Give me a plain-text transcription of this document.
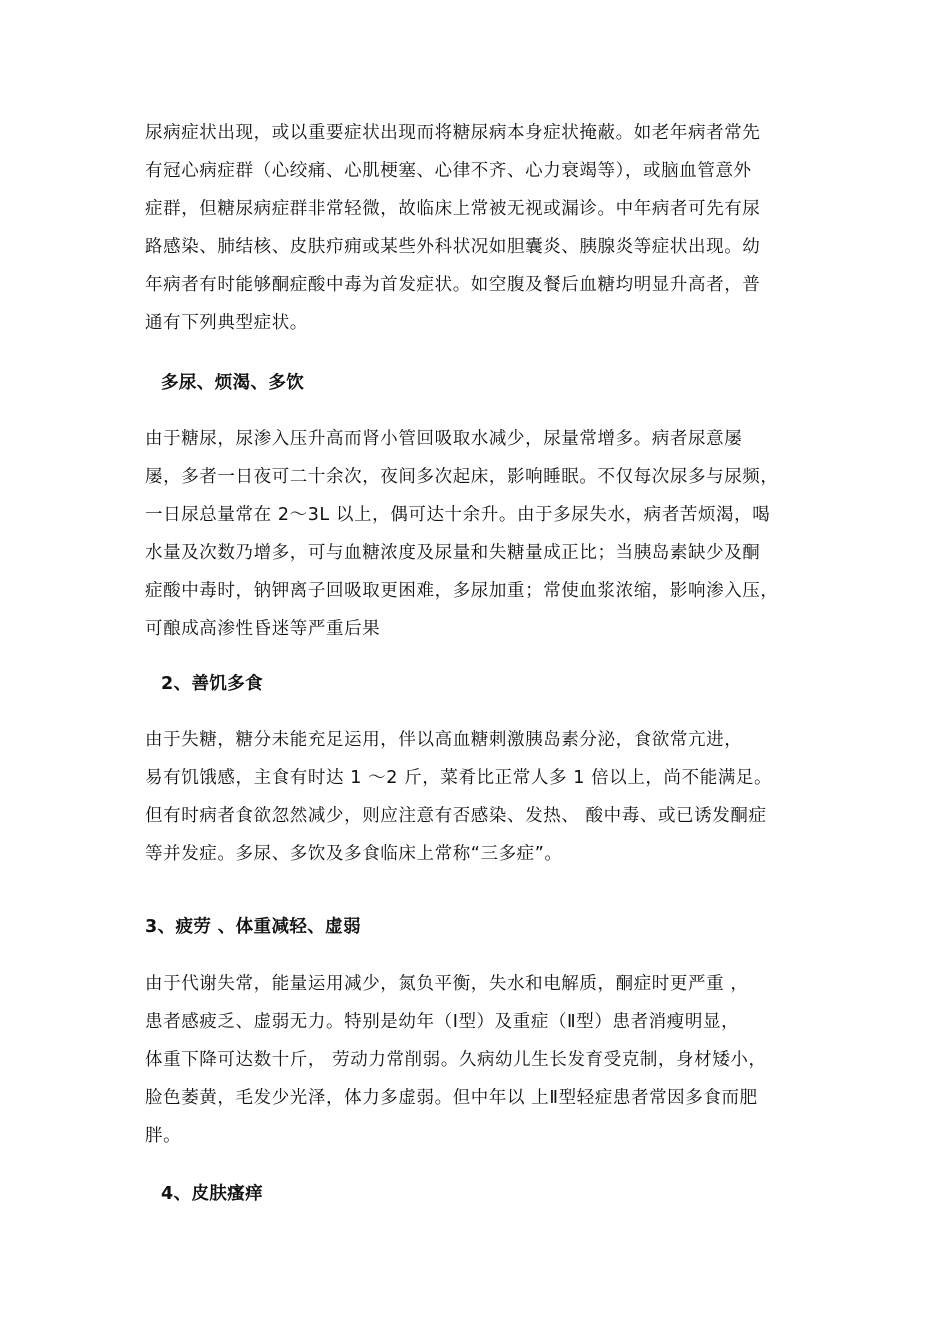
尿病症状出现，或以重要症状出现而将糖尿病本身症状掩蔽。如老年病者常先
有冠心病症群（心绞痛、心肌梗塞、心律不齐、心力衰竭等），或脑血管意外
症群，但糖尿病症群非常轻微，故临床上常被无视或漏诊。中年病者可先有尿
路感染、肺结核、皮肤疖痈或某些外科状况如胆囊炎、胰腺炎等症状出现。幼
年病者有时能够酮症酸中毒为首发症状。如空腹及餐后血糖均明显升高者，普
通有下列典型症状。
多尿、烦渴、多饮
由于糖尿，尿渗入压升高而肾小管回吸取水减少，尿量常增多。病者尿意屡
屡，多者一日夜可二十余次，夜间多次起床，影响睡眠。不仅每次尿多与尿频，
一日尿总量常在 2～3L 以上，偶可达十余升。由于多尿失水，病者苦烦渴，喝
水量及次数乃增多，可与血糖浓度及尿量和失糖量成正比；当胰岛素缺少及酮
症酸中毒时，钠钾离子回吸取更困难，多尿加重；常使血浆浓缩，影响渗入压，
可酿成高渗性昏迷等严重后果
2、善饥多食
由于失糖，糖分未能充足运用，伴以高血糖刺激胰岛素分泌，食欲常亢进，
易有饥饿感，主食有时达 1 ～2 斤，菜肴比正常人多 1 倍以上，尚不能满足。
但有时病者食欲忽然减少，则应注意有否感染、发热、 酸中毒、或已诱发酮症
等并发症。多尿、多饮及多食临床上常称“三多症”。
3、疲劳 、体重减轻、虚弱
由于代谢失常，能量运用减少，氮负平衡，失水和电解质，酮症时更严重 ，
患者感疲乏、虚弱无力。特别是幼年（Ⅰ型）及重症（Ⅱ型）患者消瘦明显，
体重下降可达数十斤， 劳动力常削弱。久病幼儿生长发育受克制，身材矮小，
脸色萎黄，毛发少光泽，体力多虚弱。但中年以 上Ⅱ型轻症患者常因多食而肥
胖。
4、皮肤瘙痒
